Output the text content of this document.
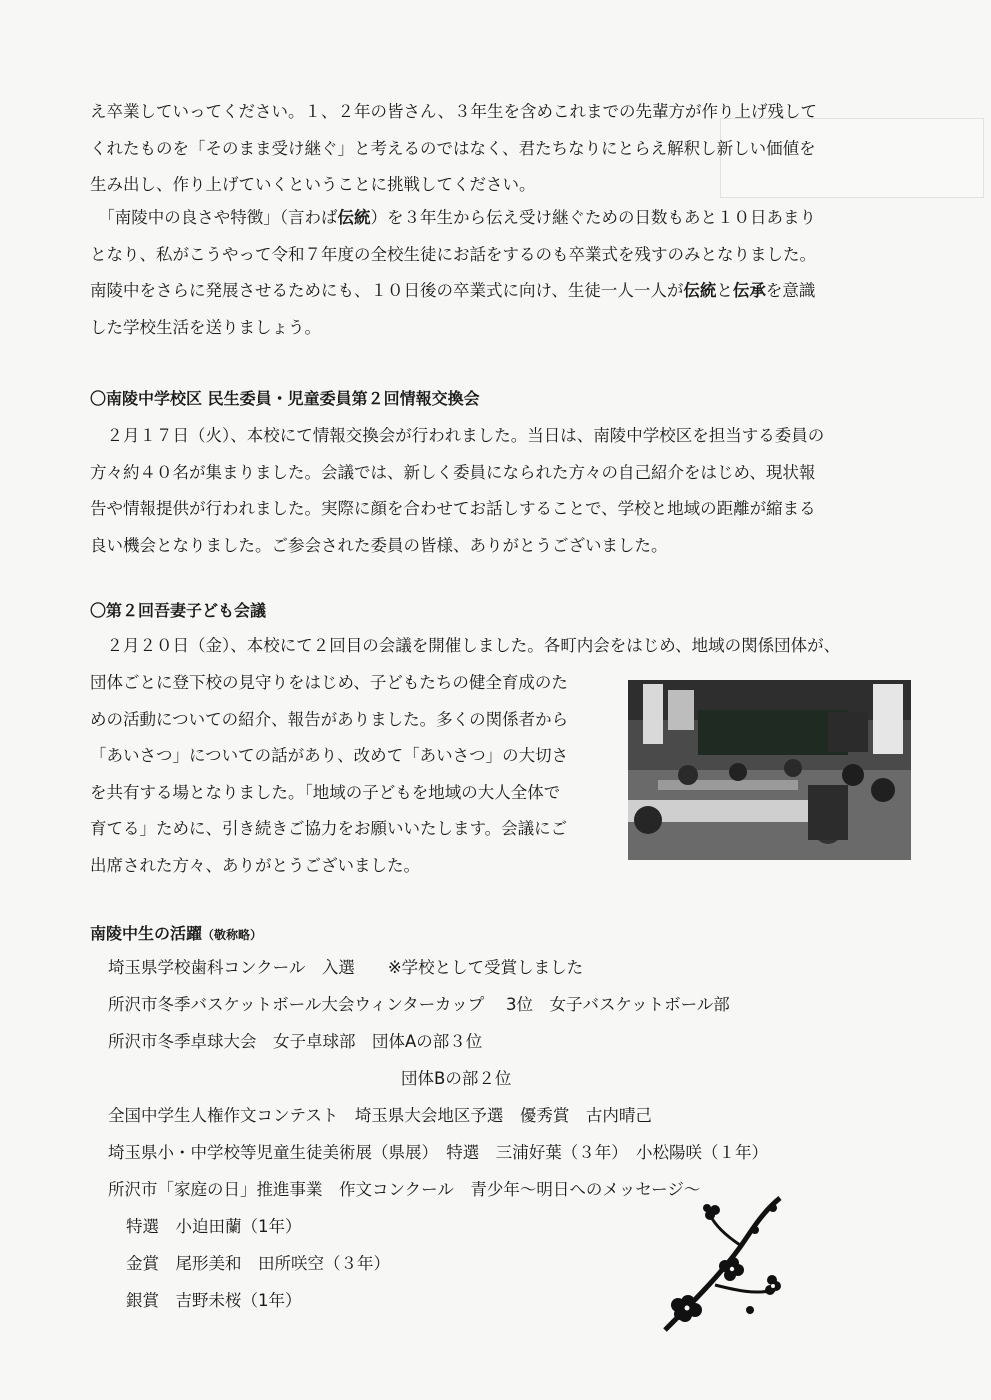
え卒業していってください。１、２年の皆さん、３年生を含めこれまでの先輩方が作り上げ残して
くれたものを「そのまま受け継ぐ」と考えるのではなく、君たちなりにとらえ解釈し新しい価値を
生み出し、作り上げていくということに挑戦してください。
　「南陵中の良さや特徴」（言わば伝統）を３年生から伝え受け継ぐための日数もあと１０日あまり
となり、私がこうやって令和７年度の全校生徒にお話をするのも卒業式を残すのみとなりました。
南陵中をさらに発展させるためにも、１０日後の卒業式に向け、生徒一人一人が伝統と伝承を意識
した学校生活を送りましょう。
〇南陵中学校区 民生委員・児童委員第２回情報交換会
　２月１７日（火）、本校にて情報交換会が行われました。当日は、南陵中学校区を担当する委員の
方々約４０名が集まりました。会議では、新しく委員になられた方々の自己紹介をはじめ、現状報
告や情報提供が行われました。実際に顔を合わせてお話しすることで、学校と地域の距離が縮まる
良い機会となりました。ご参会された委員の皆様、ありがとうございました。
〇第２回吾妻子ども会議
　２月２０日（金）、本校にて２回目の会議を開催しました。各町内会をはじめ、地域の関係団体が、
団体ごとに登下校の見守りをはじめ、子どもたちの健全育成のた
めの活動についての紹介、報告がありました。多くの関係者から
「あいさつ」についての話があり、改めて「あいさつ」の大切さ
を共有する場となりました。「地域の子どもを地域の大人全体で
育てる」ために、引き続きご協力をお願いいたします。会議にご
出席された方々、ありがとうございました。
南陵中生の活躍（敬称略）
埼玉県学校歯科コンクール　入選　　※学校として受賞しました
所沢市冬季バスケットボール大会ウィンターカップ　 3位　女子バスケットボール部
所沢市冬季卓球大会　女子卓球部　団体Aの部３位
団体Bの部２位
全国中学生人権作文コンテスト　埼玉県大会地区予選　優秀賞　古内晴己
埼玉県小・中学校等児童生徒美術展（県展）　特選　三浦好葉（３年）　小松陽咲（１年）
所沢市「家庭の日」推進事業　作文コンクール　青少年～明日へのメッセージ～
特選　小迫田蘭（1年）
金賞　尾形美和　田所咲空（３年）
銀賞　吉野未桜（1年）
